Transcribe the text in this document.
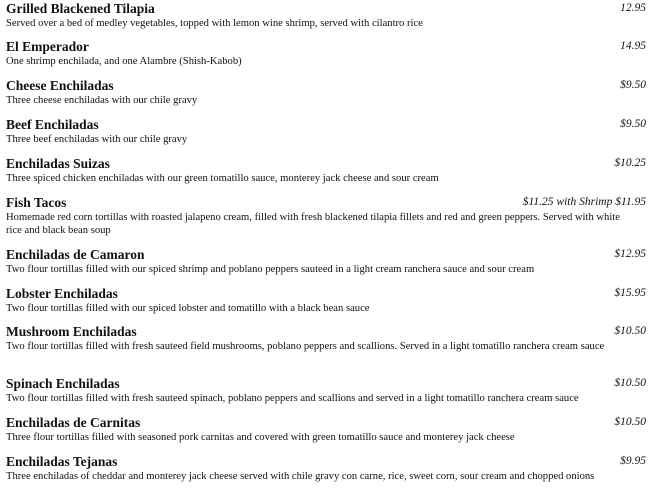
Grilled Blackened Tilapia	12.95
Served over a bed of medley vegetables, topped with lemon wine shrimp, served with cilantro rice
El Emperador	14.95
One shrimp enchilada, and one Alambre (Shish-Kabob)
Cheese Enchiladas	$9.50
Three cheese enchiladas with our chile gravy
Beef Enchiladas	$9.50
Three beef enchiladas with our chile gravy
Enchiladas Suizas	$10.25
Three spiced chicken enchiladas with our green tomatillo sauce, monterey jack cheese and sour cream
Fish Tacos	$11.25 with Shrimp $11.95
Homemade red corn tortillas with roasted jalapeno cream, filled with fresh blackened tilapia fillets and red and green peppers. Served with white rice and black bean soup
Enchiladas de Camaron	$12.95
Two flour tortillas filled with our spiced shrimp and poblano peppers sauteed in a light cream ranchera sauce and sour cream
Lobster Enchiladas	$15.95
Two flour tortillas filled with our spiced lobster and tomatillo with a black bean sauce
Mushroom Enchiladas	$10.50
Two flour tortillas filled with fresh sauteed field mushrooms, poblano peppers and scallions. Served in a light tomatillo ranchera cream sauce
Spinach Enchiladas	$10.50
Two flour tortillas filled with fresh sauteed spinach, poblano peppers and scallions and served in a light tomatillo ranchera cream sauce
Enchiladas de Carnitas	$10.50
Three flour tortillas filled with seasoned pork carnitas and covered with green tomatillo sauce and monterey jack cheese
Enchiladas Tejanas	$9.95
Three enchiladas of cheddar and monterey jack cheese served with chile gravy con carne, rice, sweet corn, sour cream and chopped onions
